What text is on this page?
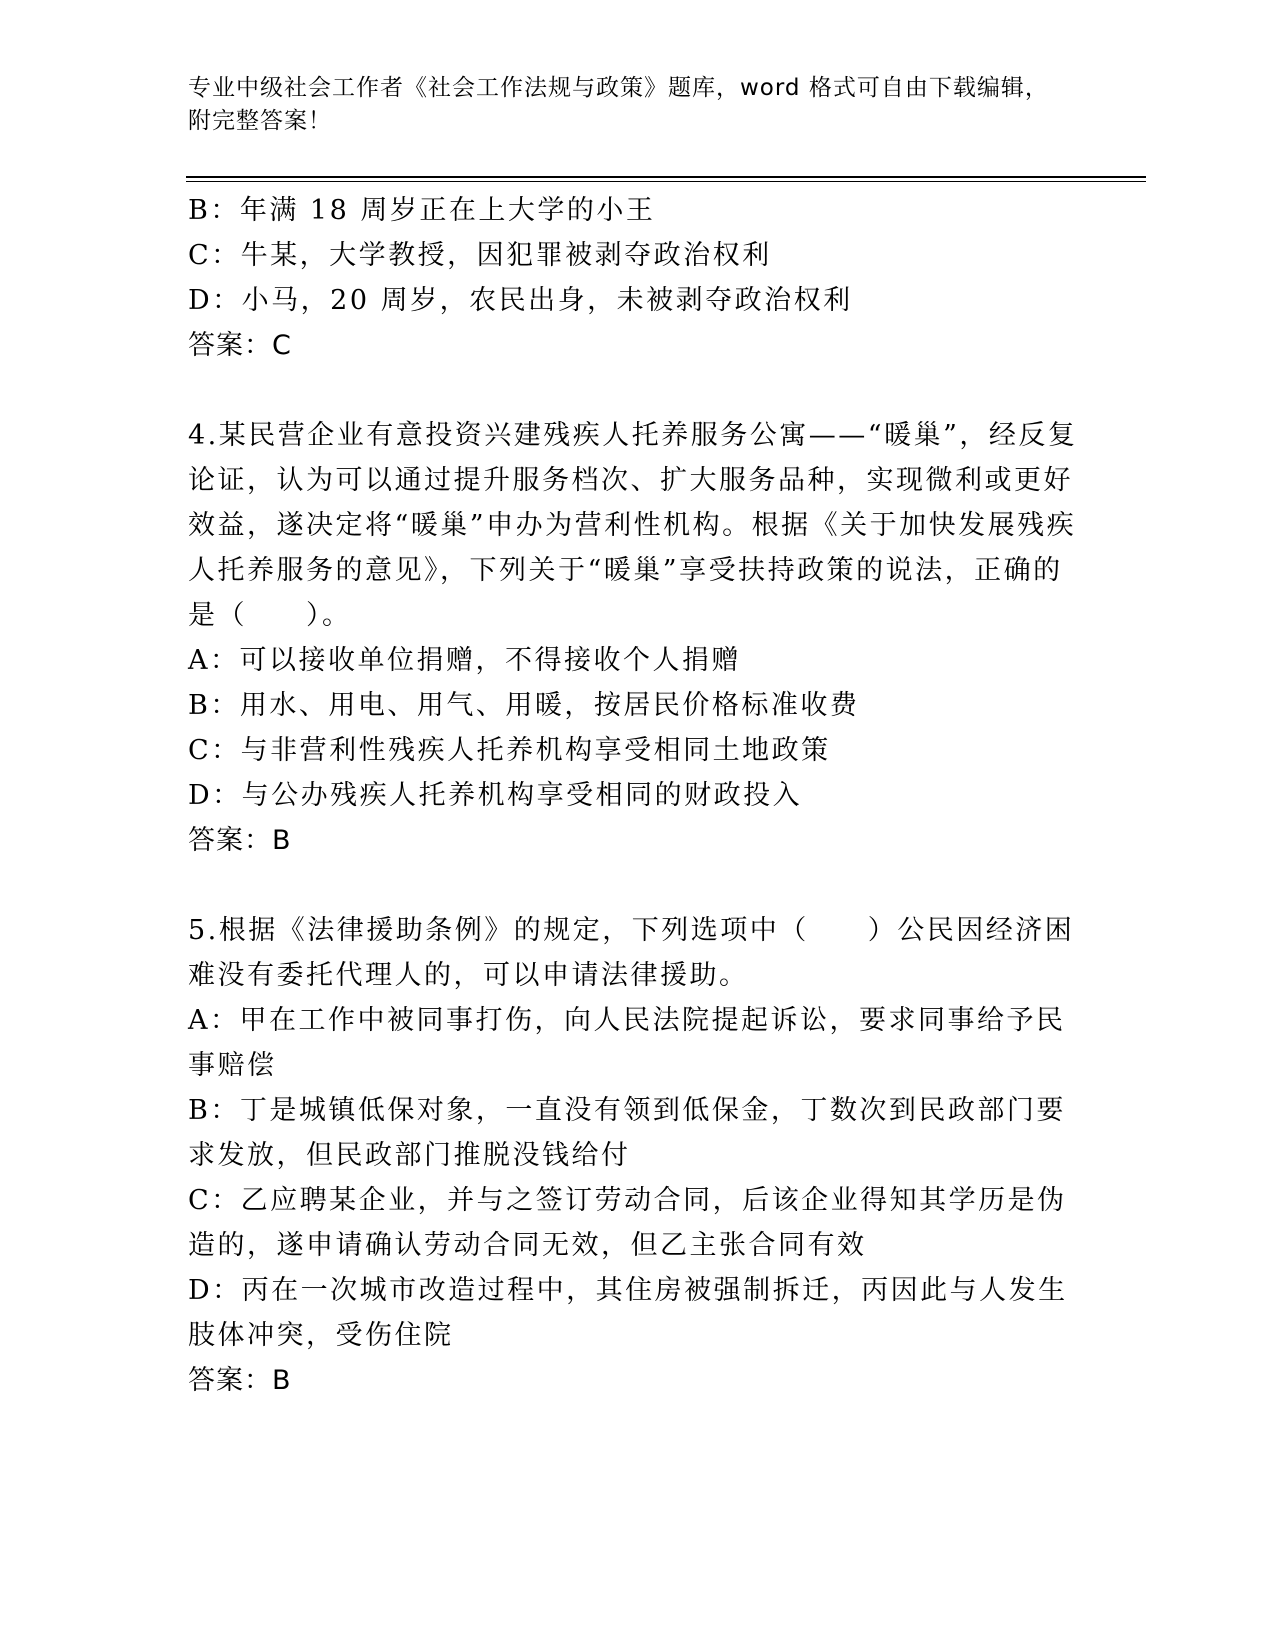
专业中级社会工作者《社会工作法规与政策》题库，word 格式可自由下载编辑，附完整答案！
B：年满 18 周岁正在上大学的小王
C：牛某，大学教授，因犯罪被剥夺政治权利
D：小马，20 周岁，农民出身，未被剥夺政治权利
答案：C
4.某民营企业有意投资兴建残疾人托养服务公寓——“暖巢”，经反复论证，认为可以通过提升服务档次、扩大服务品种，实现微利或更好效益，遂决定将“暖巢”申办为营利性机构。根据《关于加快发展残疾人托养服务的意见》，下列关于“暖巢”享受扶持政策的说法，正确的是（　　）。
A：可以接收单位捐赠，不得接收个人捐赠
B：用水、用电、用气、用暖，按居民价格标准收费
C：与非营利性残疾人托养机构享受相同土地政策
D：与公办残疾人托养机构享受相同的财政投入
答案：B
5.根据《法律援助条例》的规定，下列选项中（　　）公民因经济困难没有委托代理人的，可以申请法律援助。
A：甲在工作中被同事打伤，向人民法院提起诉讼，要求同事给予民事赔偿
B：丁是城镇低保对象，一直没有领到低保金，丁数次到民政部门要求发放，但民政部门推脱没钱给付
C：乙应聘某企业，并与之签订劳动合同，后该企业得知其学历是伪造的，遂申请确认劳动合同无效，但乙主张合同有效
D：丙在一次城市改造过程中，其住房被强制拆迁，丙因此与人发生肢体冲突，受伤住院
答案：B
